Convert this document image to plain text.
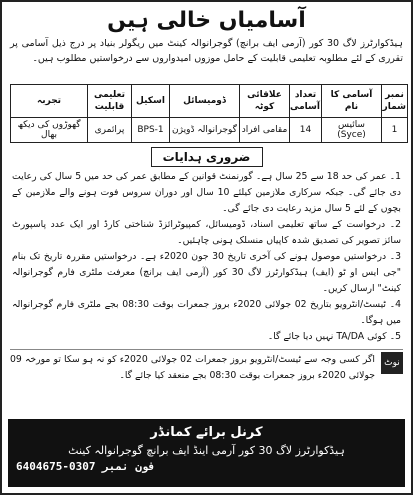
آسامیاں خالی ہیں
ہیڈکوارٹرز لاگ 30 کور (آرمی ایف برانچ) گوجرانوالہ کینٹ میں ریگولر بنیاد پر درج ذیل آسامی پر تقرری کے لئے مطلوبہ تعلیمی قابلیت کے حامل موزوں امیدواروں سے درخواستیں مطلوب ہیں۔
نمبر شمار	آسامی کا نام	تعداد آسامی	علاقائی کوٹہ	ڈومیسائل	اسکیل	تعلیمی قابلیت	تجربہ
1	سائیس (Syce)	14	مقامی افراد	گوجرانوالہ ڈویژن	BPS-1	پرائمری	گھوڑوں کی دیکھ بھال
ضروری ہدایات

1۔ عمر کی حد 18 سے 25 سال ہے۔ گورنمنٹ قوانین کے مطابق عمر کی حد میں 5 سال کی رعایت دی جائے گی۔ جبکہ سرکاری ملازمین کیلئے 10 سال اور دوران سروس فوت ہونے والے ملازمین کے بچوں کے لئے 5 سال مزید رعایت دی جائے گی۔

2۔ درخواست کے ساتھ تعلیمی اسناد، ڈومیسائل، کمپیوٹرائزڈ شناختی کارڈ اور ایک عدد پاسپورٹ سائز تصویر کی تصدیق شدہ کاپیاں منسلک ہونی چاہئیں۔

3۔ درخواستیں موصول ہونے کی آخری تاریخ 30 جون 2020ء ہے۔ درخواستیں مقررہ تاریخ تک بنام "جی ایس او ٹو (ایف) ہیڈکوارٹرز لاگ 30 کور (آرمی ایف برانچ) معرفت ملٹری فارم گوجرانوالہ کینٹ" ارسال کریں۔

4۔ ٹیسٹ/انٹرویو بتاریخ 02 جولائی 2020ء بروز جمعرات بوقت 08:30 بجے ملٹری فارم گوجرانوالہ میں ہوگا۔

5۔ کوئی TA/DA نہیں دیا جائے گا۔

نوٹ
اگر کسی وجہ سے ٹیسٹ/انٹرویو بروز جمعرات 02 جولائی 2020ء کو نہ ہو سکا تو مورخہ 09 جولائی 2020ء بروز جمعرات بوقت 08:30 بجے منعقد کیا جائے گا۔
کرنل برائے کمانڈر
ہیڈکوارٹرز لاگ 30 کور آرمی اینڈ ایف برانچ گوجرانوالہ کینٹ
فون نمبر 0307-6404675
